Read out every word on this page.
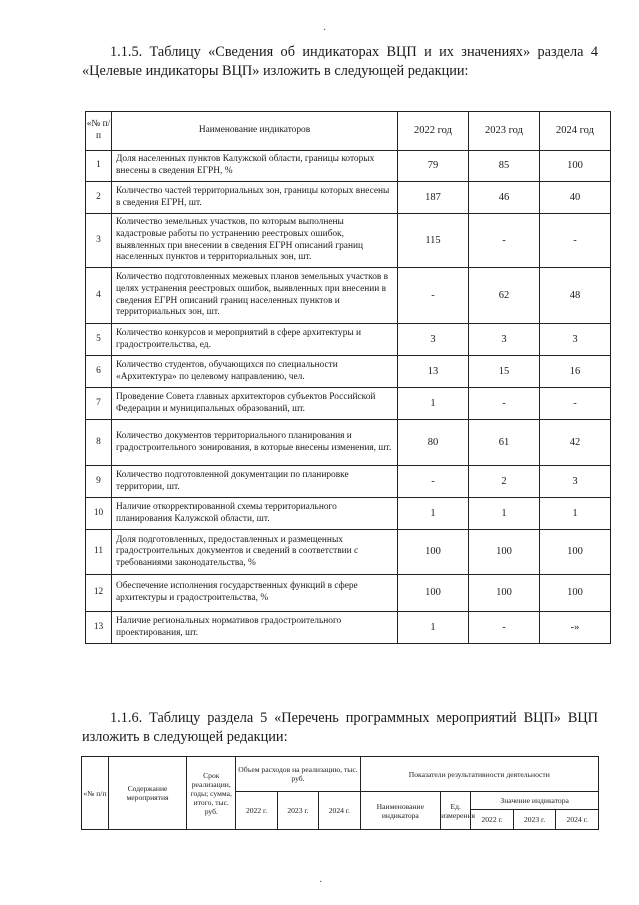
·
1.1.5. Таблицу «Сведения об индикаторах ВЦП и их значениях» раздела 4 «Целевые индикаторы ВЦП» изложить в следующей редакции:
«№ п/п	Наименование индикаторов	2022 год	2023 год	2024 год
1	Доля населенных пунктов Калужской области, границы которых внесены в сведения ЕГРН, %	79	85	100
2	Количество частей территориальных зон, границы которых внесены в сведения ЕГРН, шт.	187	46	40
3	Количество земельных участков, по которым выполнены кадастровые работы по устранению реестровых ошибок, выявленных при внесении в сведения ЕГРН описаний границ населенных пунктов и территориальных зон, шт.	115	-	-
4	Количество подготовленных межевых планов земельных участков в целях устранения реестровых ошибок, выявленных при внесении в сведения ЕГРН описаний границ населенных пунктов и территориальных зон, шт.	-	62	48
5	Количество конкурсов и мероприятий в сфере архитектуры и градостроительства, ед.	3	3	3
6	Количество студентов, обучающихся по специальности «Архитектура» по целевому направлению, чел.	13	15	16
7	Проведение Совета главных архитекторов субъектов Российской Федерации и муниципальных образований, шт.	1	-	-
8	Количество документов территориального планирования и градостроительного зонирования, в которые внесены изменения, шт.	80	61	42
9	Количество подготовленной документации по планировке территории, шт.	-	2	3
10	Наличие откорректированной схемы территориального планирования Калужской области, шт.	1	1	1
11	Доля подготовленных, предоставленных и размещенных градостроительных документов и сведений в соответствии с требованиями законодательства, %	100	100	100
12	Обеспечение исполнения государственных функций в сфере архитектуры и градостроительства, %	100	100	100
13	Наличие региональных нормативов градостроительного проектирования, шт.	1	-	-»
1.1.6. Таблицу раздела 5 «Перечень программных мероприятий ВЦП» ВЦП изложить в следующей редакции:
«№ п/п	Содержание мероприятия	Срок реализации, годы; сумма, итого, тыс. руб.	Объем расходов на реализацию, тыс. руб.			Показатели результативности деятельности				
			2022 г.	2023 г.	2024 г.	Наименование индикатора	Ед. измерения	Значение индикатора		
								2022 г.	2023 г.	2024 г.
·
